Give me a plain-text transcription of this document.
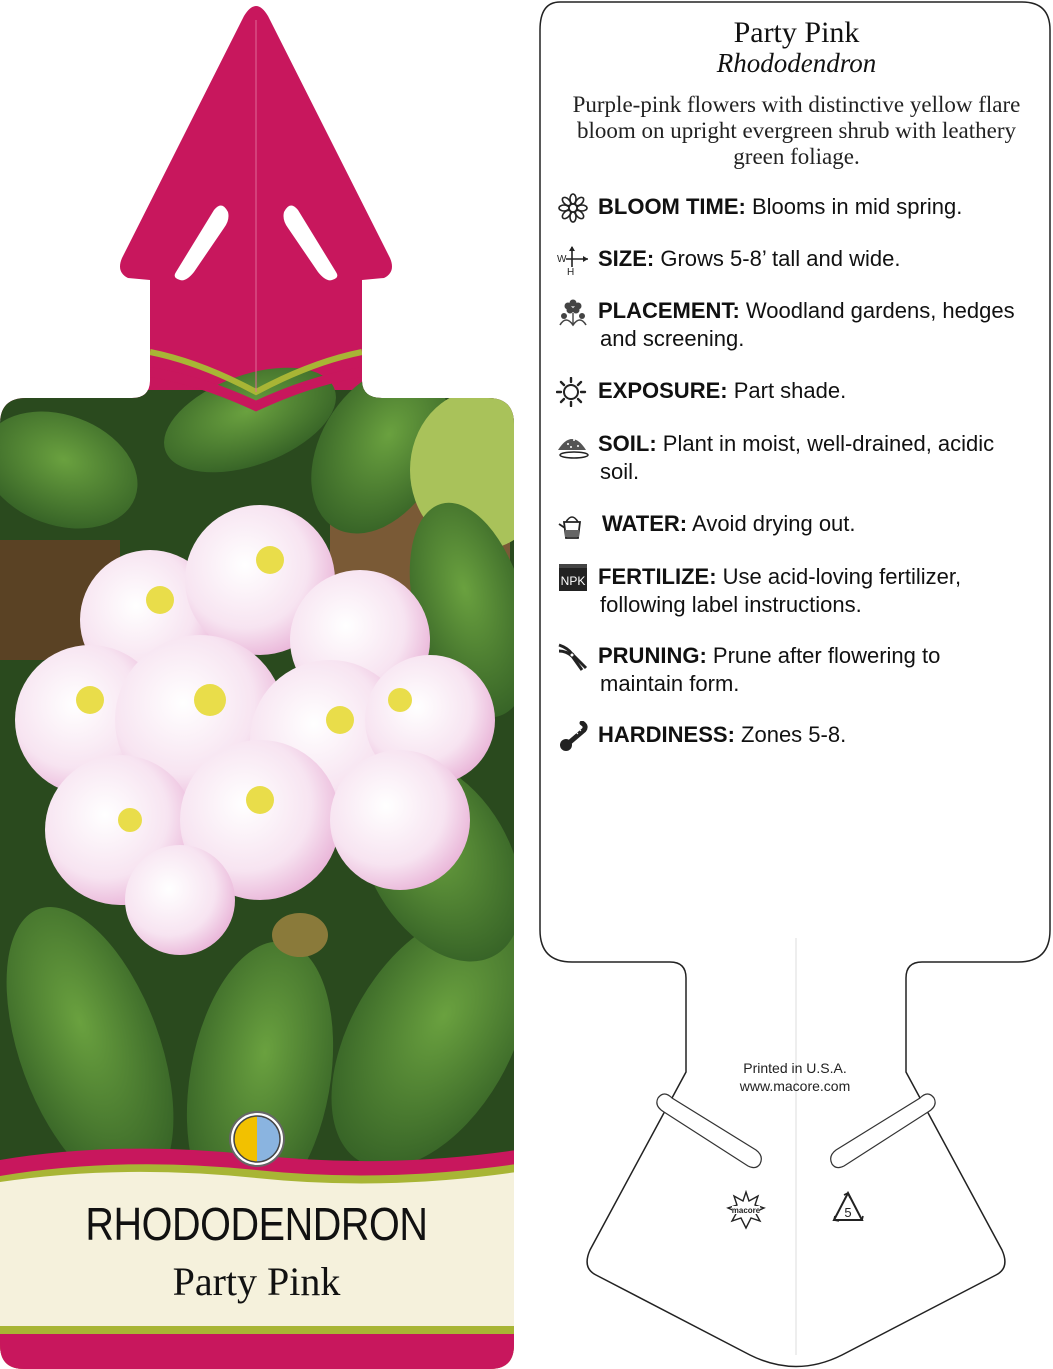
RHODODENDRON
Party Pink
Party Pink
Rhododendron
Purple-pink flowers with distinctive yellow flare bloom on upright evergreen shrub with leathery green foliage.
BLOOM TIME: Blooms in mid spring.
W
H
SIZE: Grows 5-8’ tall and wide.
PLACEMENT: Woodland gardens, hedges
and screening.
EXPOSURE: Part shade.
SOIL: Plant in moist, well-drained, acidic
soil.
WATER: Avoid drying out.
NPK FERTILIZE: Use acid-loving fertilizer,
following label instructions.
PRUNING: Prune after flowering to
maintain form.
HARDINESS: Zones 5-8.
Printed in U.S.A.
www.macore.com
macore	5
